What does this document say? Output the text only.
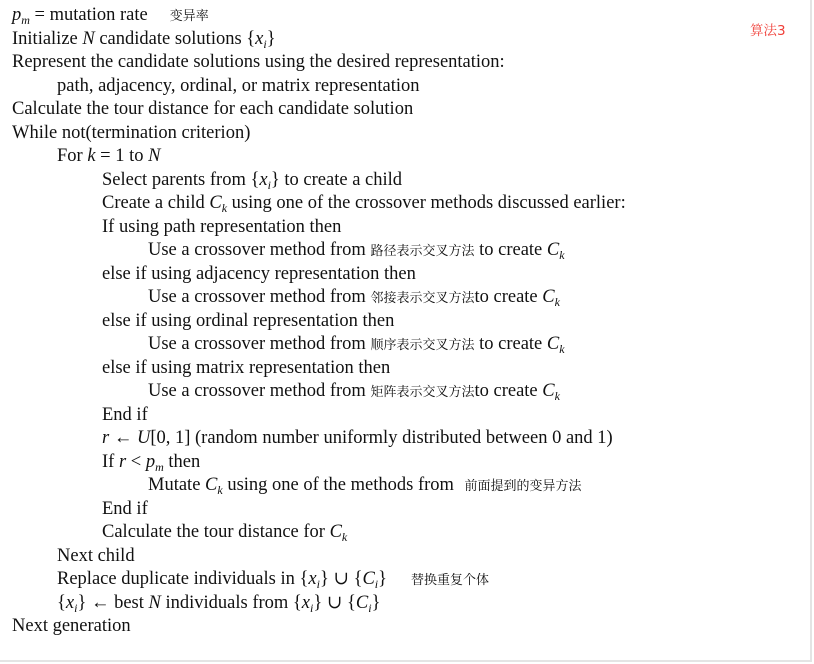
算法3
$p_m$ = mutation rate 变异率
Initialize N candidate solutions $\{x_i\}$
Represent the candidate solutions using the desired representation:
path, adjacency, ordinal, or matrix representation
Calculate the tour distance for each candidate solution
While not(termination criterion)
For k = 1 to N
Select parents from $\{x_i\}$ to create a child
Create a child $C_k$ using one of the crossover methods discussed earlier:
If using path representation then
Use a crossover method from 路径表示交叉方法 to create $C_k$
else if using adjacency representation then
Use a crossover method from 邻接表示交叉方法to create $C_k$
else if using ordinal representation then
Use a crossover method from 顺序表示交叉方法 to create $C_k$
else if using matrix representation then
Use a crossover method from 矩阵表示交叉方法to create $C_k$
End if
r ← U[0, 1] (random number uniformly distributed between 0 and 1)
If $r < p_m$ then
Mutate $C_k$ using one of the methods from 前面提到的变异方法
End if
Calculate the tour distance for $C_k$
Next child
Replace duplicate individuals in $\{x_i\}$ ∪ $\{C_i\}$ 替换重复个体
$\{x_i\}$ ← best N individuals from $\{x_i\}$ ∪ $\{C_i\}$
Next generation
